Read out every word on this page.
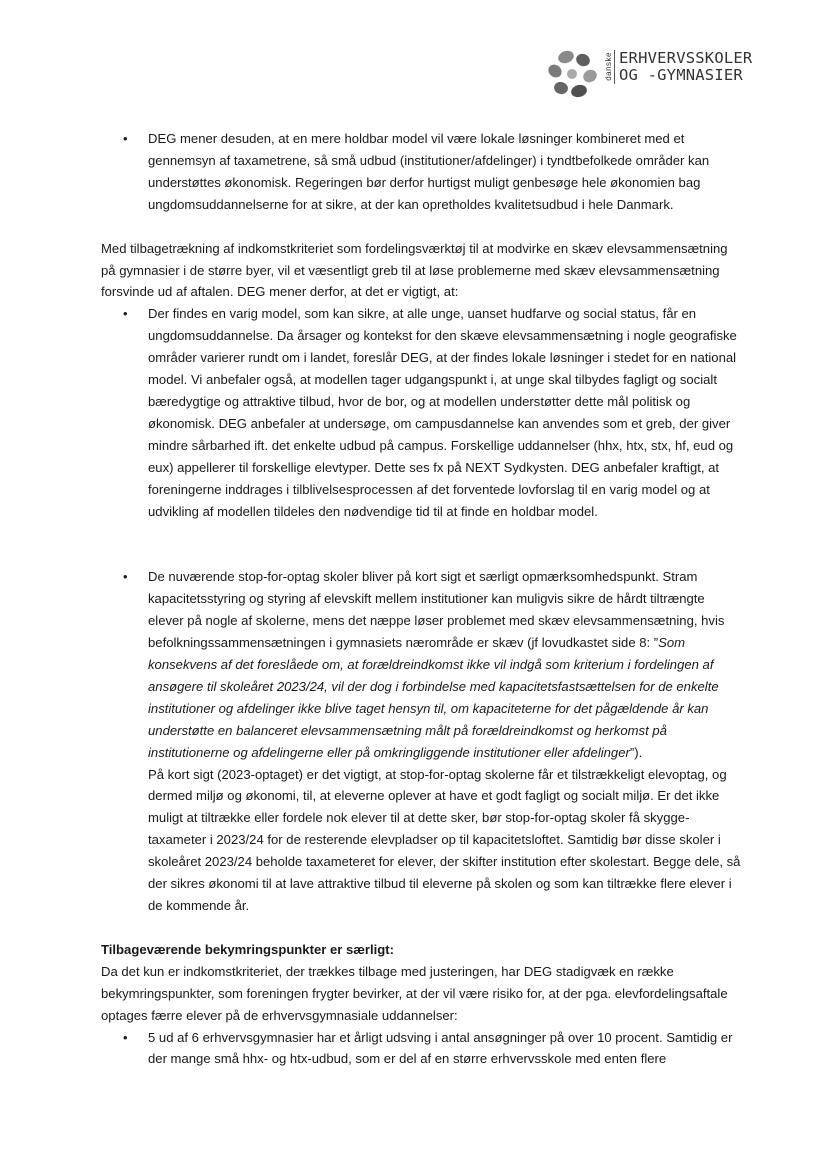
danske ERHVERVSSKOLER
OG -GYMNASIER
• DEG mener desuden, at en mere holdbar model vil være lokale løsninger kombineret med et gennemsyn af taxametrene, så små udbud (institutioner/afdelinger) i tyndtbefolkede områder kan understøttes økonomisk. Regeringen bør derfor hurtigst muligt genbesøge hele økonomien bag ungdomsuddannelserne for at sikre, at der kan opretholdes kvalitetsudbud i hele Danmark.

Med tilbagetrækning af indkomstkriteriet som fordelingsværktøj til at modvirke en skæv elevsammensætning på gymnasier i de større byer, vil et væsentligt greb til at løse problemerne med skæv elevsammensætning forsvinde ud af aftalen. DEG mener derfor, at det er vigtigt, at:

• Der findes en varig model, som kan sikre, at alle unge, uanset hudfarve og social status, får en ungdomsuddannelse. Da årsager og kontekst for den skæve elevsammensætning i nogle geografiske områder varierer rundt om i landet, foreslår DEG, at der findes lokale løsninger i stedet for en national model. Vi anbefaler også, at modellen tager udgangspunkt i, at unge skal tilbydes fagligt og socialt bæredygtige og attraktive tilbud, hvor de bor, og at modellen understøtter dette mål politisk og økonomisk. DEG anbefaler at undersøge, om campusdannelse kan anvendes som et greb, der giver mindre sårbarhed ift. det enkelte udbud på campus. Forskellige uddannelser (hhx, htx, stx, hf, eud og eux) appellerer til forskellige elevtyper. Dette ses fx på NEXT Sydkysten. DEG anbefaler kraftigt, at foreningerne inddrages i tilblivelsesprocessen af det forventede lovforslag til en varig model og at udvikling af modellen tildeles den nødvendige tid til at finde en holdbar model.
• De nuværende stop-for-optag skoler bliver på kort sigt et særligt opmærksomhedspunkt. Stram kapacitetsstyring og styring af elevskift mellem institutioner kan muligvis sikre de hårdt tiltrængte elever på nogle af skolerne, mens det næppe løser problemet med skæv elevsammensætning, hvis befolkningssammensætningen i gymnasiets nærområde er skæv (jf lovudkastet side 8: ”Som konsekvens af det foreslåede om, at forældreindkomst ikke vil indgå som kriterium i fordelingen af ansøgere til skoleåret 2023/24, vil der dog i forbindelse med kapacitetsfastsættelsen for de enkelte institutioner og afdelinger ikke blive taget hensyn til, om kapaciteterne for det pågældende år kan understøtte en balanceret elevsammensætning målt på forældreindkomst og herkomst på institutionerne og afdelingerne eller på omkringliggende institutioner eller afdelinger”).
På kort sigt (2023-optaget) er det vigtigt, at stop-for-optag skolerne får et tilstrækkeligt elevoptag, og dermed miljø og økonomi, til, at eleverne oplever at have et godt fagligt og socialt miljø. Er det ikke muligt at tiltrække eller fordele nok elever til at dette sker, bør stop-for-optag skoler få skygge-taxameter i 2023/24 for de resterende elevpladser op til kapacitetsloftet. Samtidig bør disse skoler i skoleåret 2023/24 beholde taxameteret for elever, der skifter institution efter skolestart. Begge dele, så der sikres økonomi til at lave attraktive tilbud til eleverne på skolen og som kan tiltrække flere elever i de kommende år.

Tilbageværende bekymringspunkter er særligt:

Da det kun er indkomstkriteriet, der trækkes tilbage med justeringen, har DEG stadigvæk en række bekymringspunkter, som foreningen frygter bevirker, at der vil være risiko for, at der pga. elevfordelingsaftale optages færre elever på de erhvervsgymnasiale uddannelser:

• 5 ud af 6 erhvervsgymnasier har et årligt udsving i antal ansøgninger på over 10 procent. Samtidig er der mange små hhx- og htx-udbud, som er del af en større erhvervsskole med enten flere
